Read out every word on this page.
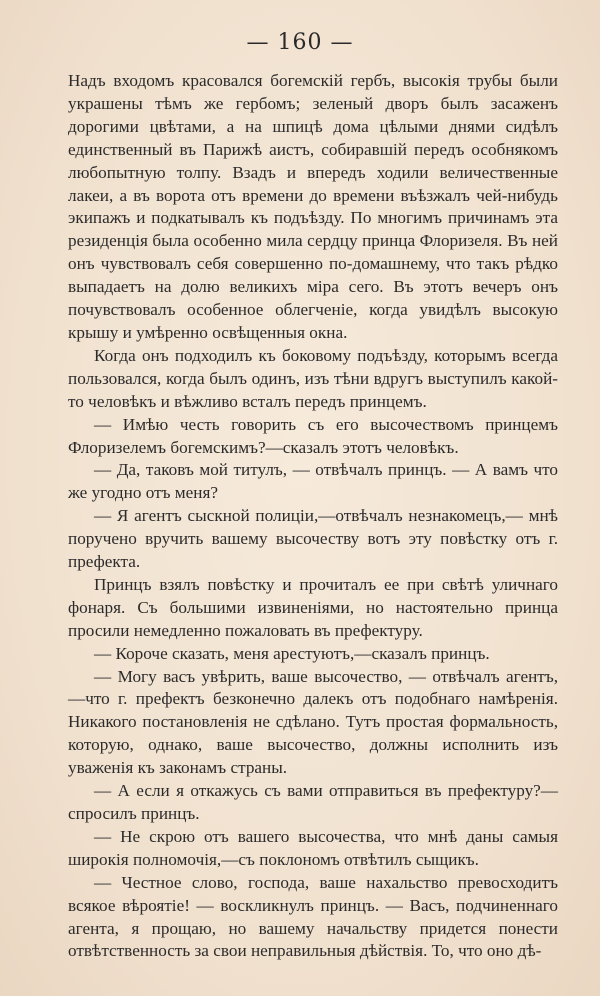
— 160 —

Надъ входомъ красовался богемскій гербъ, высокія трубы были украшены тѣмъ же гербомъ; зеленый дворъ былъ засаженъ дорогими цвѣтами, а на шпицѣ дома цѣлыми днями сидѣлъ единственный въ Парижѣ аистъ, собиравшій передъ особнякомъ любопытную толпу. Взадъ и впередъ ходили величественные лакеи, а въ ворота отъ времени до времени въѣзжалъ чей-нибудь экипажъ и подкатывалъ къ подъѣзду. По многимъ причинамъ эта резиденція была особенно мила сердцу принца Флоризеля. Въ ней онъ чувствовалъ себя совершенно по-домашнему, что такъ рѣдко выпадаетъ на долю великихъ міра сего. Въ этотъ вечеръ онъ почувствовалъ особенное облегченіе, когда увидѣлъ высокую крышу и умѣренно освѣщенныя окна.

Когда онъ подходилъ къ боковому подъѣзду, которымъ всегда пользовался, когда былъ одинъ, изъ тѣни вдругъ выступилъ какой-то человѣкъ и вѣжливо всталъ передъ принцемъ.

— Имѣю честь говорить съ его высочествомъ принцемъ Флоризелемъ богемскимъ?—сказалъ этотъ человѣкъ.

— Да, таковъ мой титулъ, — отвѣчалъ принцъ. — А вамъ что же угодно отъ меня?

— Я агентъ сыскной полиціи,—отвѣчалъ незнакомецъ,— мнѣ поручено вручить вашему высочеству вотъ эту повѣстку отъ г. префекта.

Принцъ взялъ повѣстку и прочиталъ ее при свѣтѣ уличнаго фонаря. Съ большими извиненіями, но настоятельно принца просили немедленно пожаловать въ префектуру.

— Короче сказать, меня арестуютъ,—сказалъ принцъ.

— Могу васъ увѣрить, ваше высочество, — отвѣчалъ агентъ,—что г. префектъ безконечно далекъ отъ подобнаго намѣренія. Никакого постановленія не сдѣлано. Тутъ простая формальность, которую, однако, ваше высочество, должны исполнить изъ уваженія къ законамъ страны.

— А если я откажусь съ вами отправиться въ префектуру?—спросилъ принцъ.

— Не скрою отъ вашего высочества, что мнѣ даны самыя широкія полномочія,—съ поклономъ отвѣтилъ сыщикъ.

— Честное слово, господа, ваше нахальство превосходитъ всякое вѣроятіе! — воскликнулъ принцъ. — Васъ, подчиненнаго агента, я прощаю, но вашему начальству придется понести отвѣтственность за свои неправильныя дѣйствія. То, что оно дѣ-
